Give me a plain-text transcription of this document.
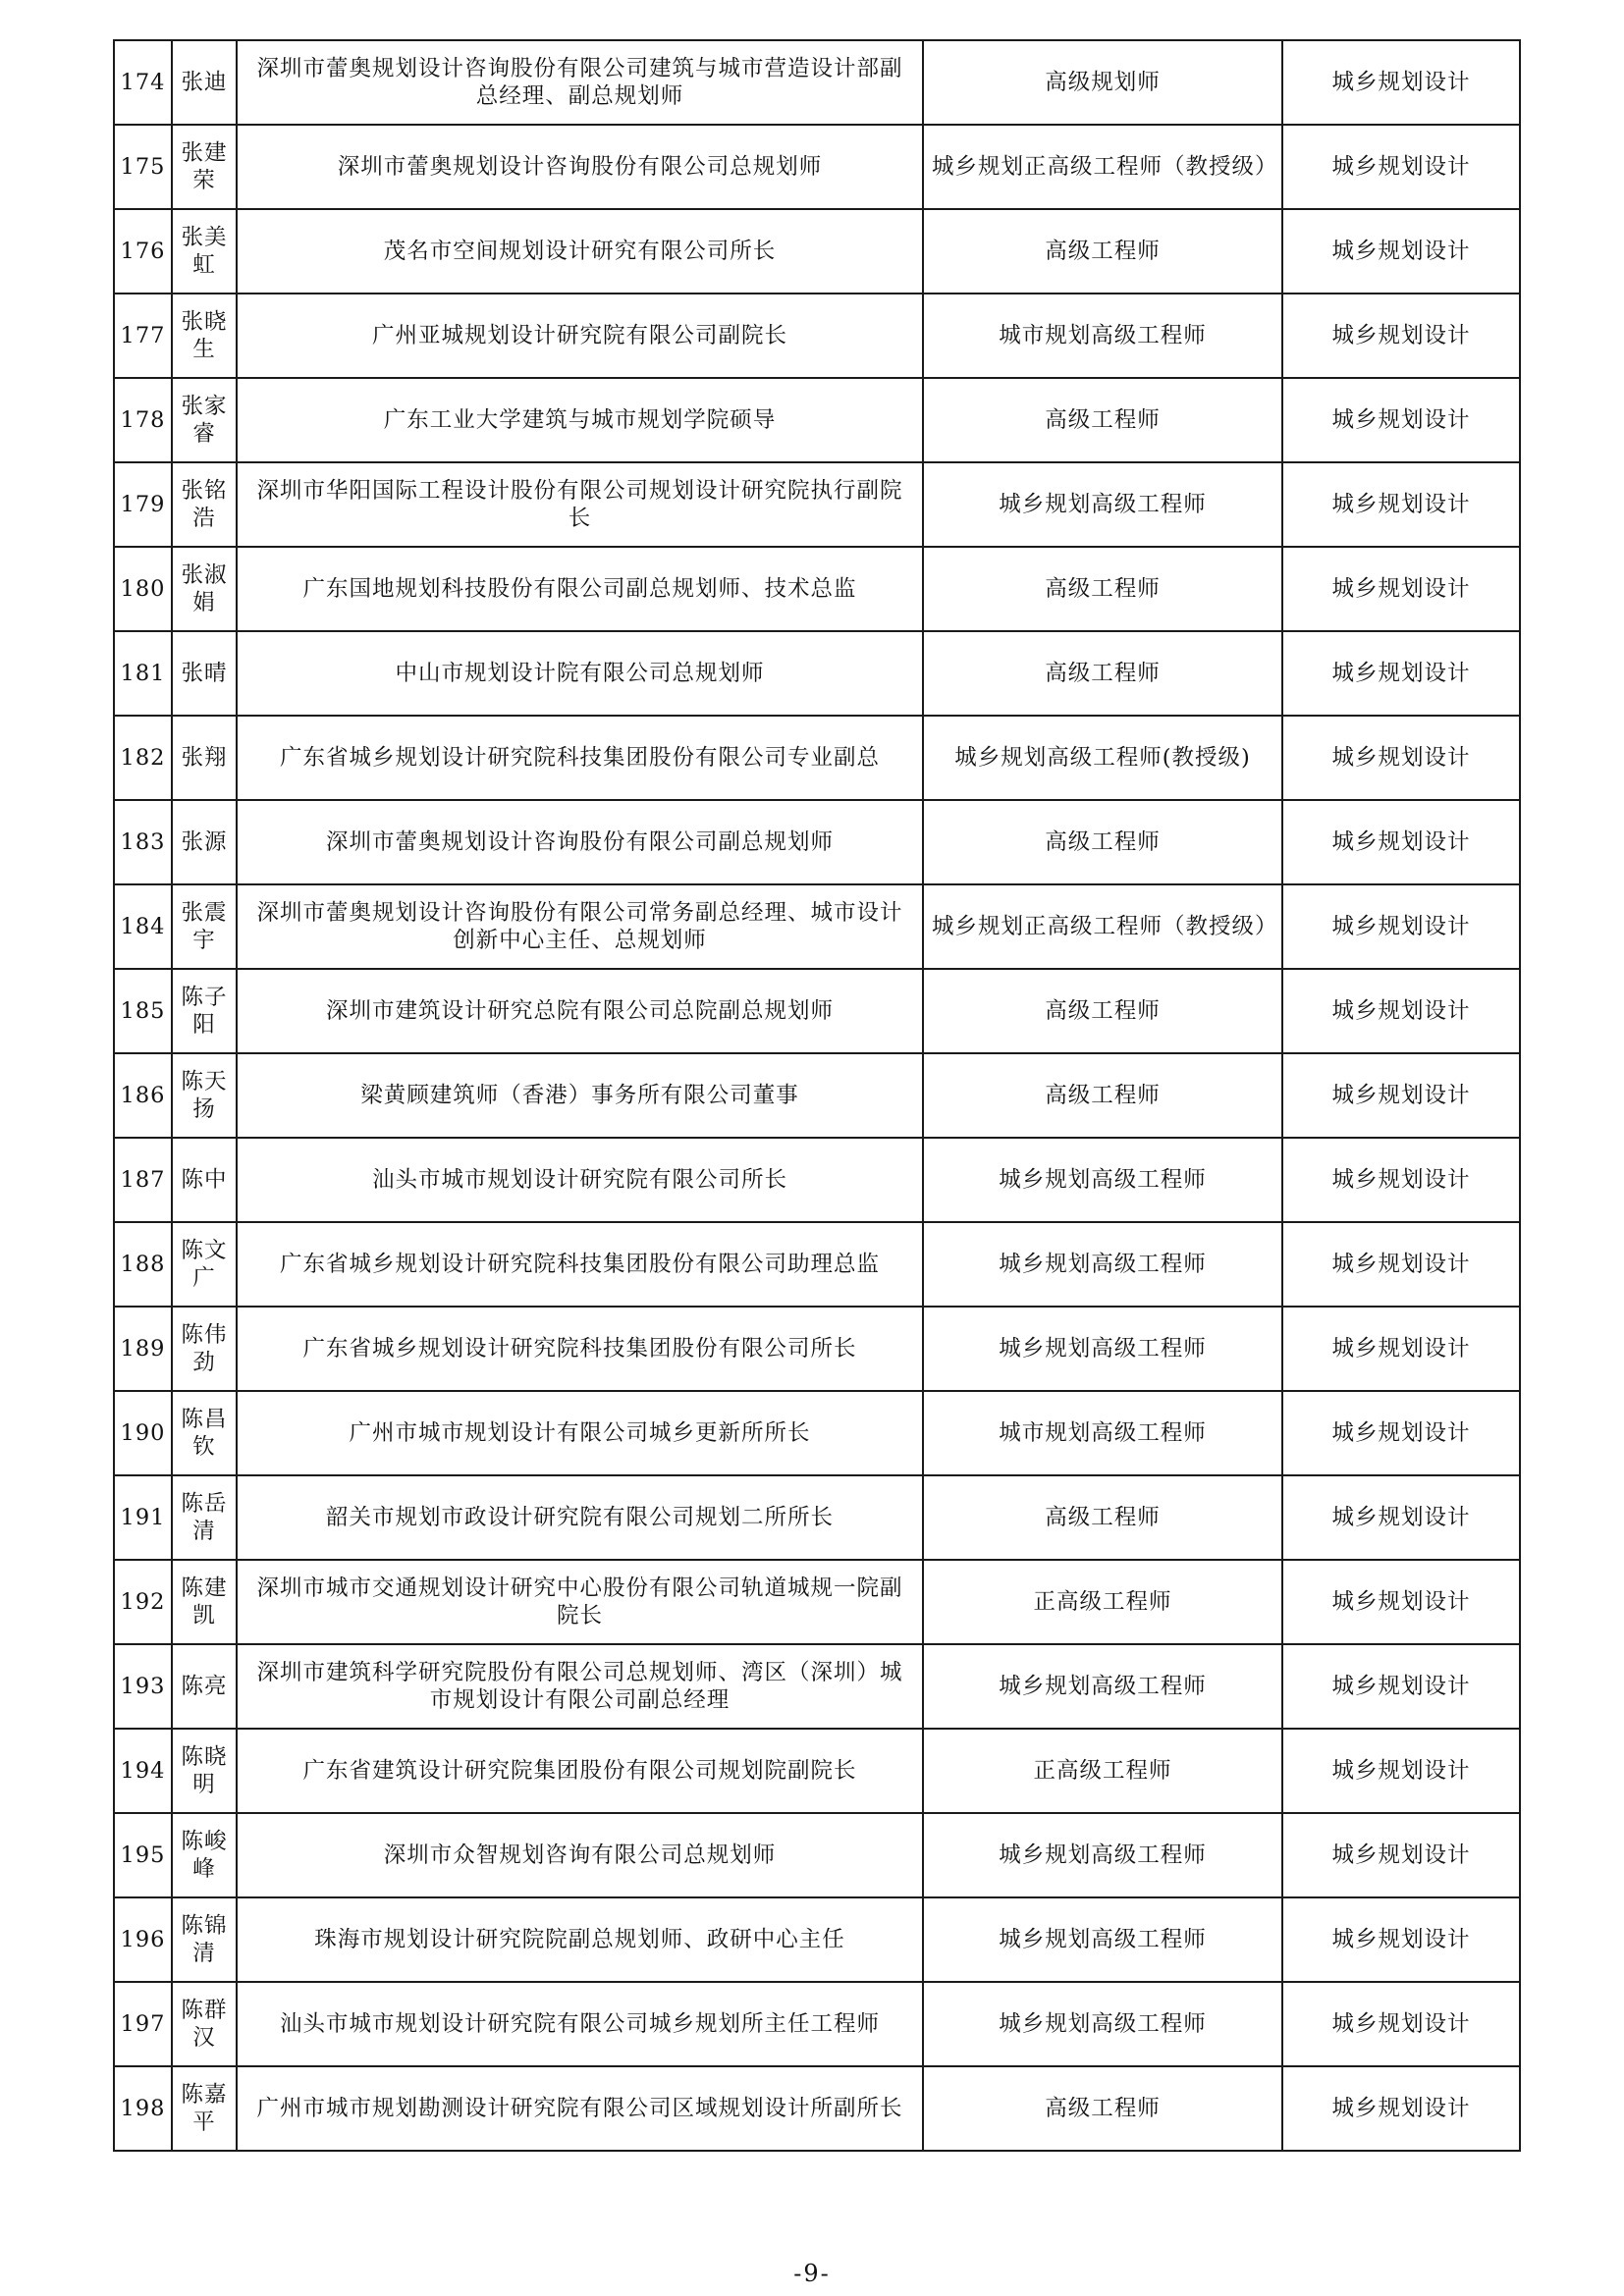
174	张迪	深圳市蕾奥规划设计咨询股份有限公司建筑与城市营造设计部副总经理、副总规划师	高级规划师	城乡规划设计
175	张建荣	深圳市蕾奥规划设计咨询股份有限公司总规划师	城乡规划正高级工程师（教授级）	城乡规划设计
176	张美虹	茂名市空间规划设计研究有限公司所长	高级工程师	城乡规划设计
177	张晓生	广州亚城规划设计研究院有限公司副院长	城市规划高级工程师	城乡规划设计
178	张家睿	广东工业大学建筑与城市规划学院硕导	高级工程师	城乡规划设计
179	张铭浩	深圳市华阳国际工程设计股份有限公司规划设计研究院执行副院长	城乡规划高级工程师	城乡规划设计
180	张淑娟	广东国地规划科技股份有限公司副总规划师、技术总监	高级工程师	城乡规划设计
181	张晴	中山市规划设计院有限公司总规划师	高级工程师	城乡规划设计
182	张翔	广东省城乡规划设计研究院科技集团股份有限公司专业副总	城乡规划高级工程师(教授级)	城乡规划设计
183	张源	深圳市蕾奥规划设计咨询股份有限公司副总规划师	高级工程师	城乡规划设计
184	张震宇	深圳市蕾奥规划设计咨询股份有限公司常务副总经理、城市设计创新中心主任、总规划师	城乡规划正高级工程师（教授级）	城乡规划设计
185	陈子阳	深圳市建筑设计研究总院有限公司总院副总规划师	高级工程师	城乡规划设计
186	陈天扬	梁黄顾建筑师（香港）事务所有限公司董事	高级工程师	城乡规划设计
187	陈中	汕头市城市规划设计研究院有限公司所长	城乡规划高级工程师	城乡规划设计
188	陈文广	广东省城乡规划设计研究院科技集团股份有限公司助理总监	城乡规划高级工程师	城乡规划设计
189	陈伟劲	广东省城乡规划设计研究院科技集团股份有限公司所长	城乡规划高级工程师	城乡规划设计
190	陈昌钦	广州市城市规划设计有限公司城乡更新所所长	城市规划高级工程师	城乡规划设计
191	陈岳清	韶关市规划市政设计研究院有限公司规划二所所长	高级工程师	城乡规划设计
192	陈建凯	深圳市城市交通规划设计研究中心股份有限公司轨道城规一院副院长	正高级工程师	城乡规划设计
193	陈亮	深圳市建筑科学研究院股份有限公司总规划师、湾区（深圳）城市规划设计有限公司副总经理	城乡规划高级工程师	城乡规划设计
194	陈晓明	广东省建筑设计研究院集团股份有限公司规划院副院长	正高级工程师	城乡规划设计
195	陈峻峰	深圳市众智规划咨询有限公司总规划师	城乡规划高级工程师	城乡规划设计
196	陈锦清	珠海市规划设计研究院院副总规划师、政研中心主任	城乡规划高级工程师	城乡规划设计
197	陈群汉	汕头市城市规划设计研究院有限公司城乡规划所主任工程师	城乡规划高级工程师	城乡规划设计
198	陈嘉平	广州市城市规划勘测设计研究院有限公司区域规划设计所副所长	高级工程师	城乡规划设计
-9-
